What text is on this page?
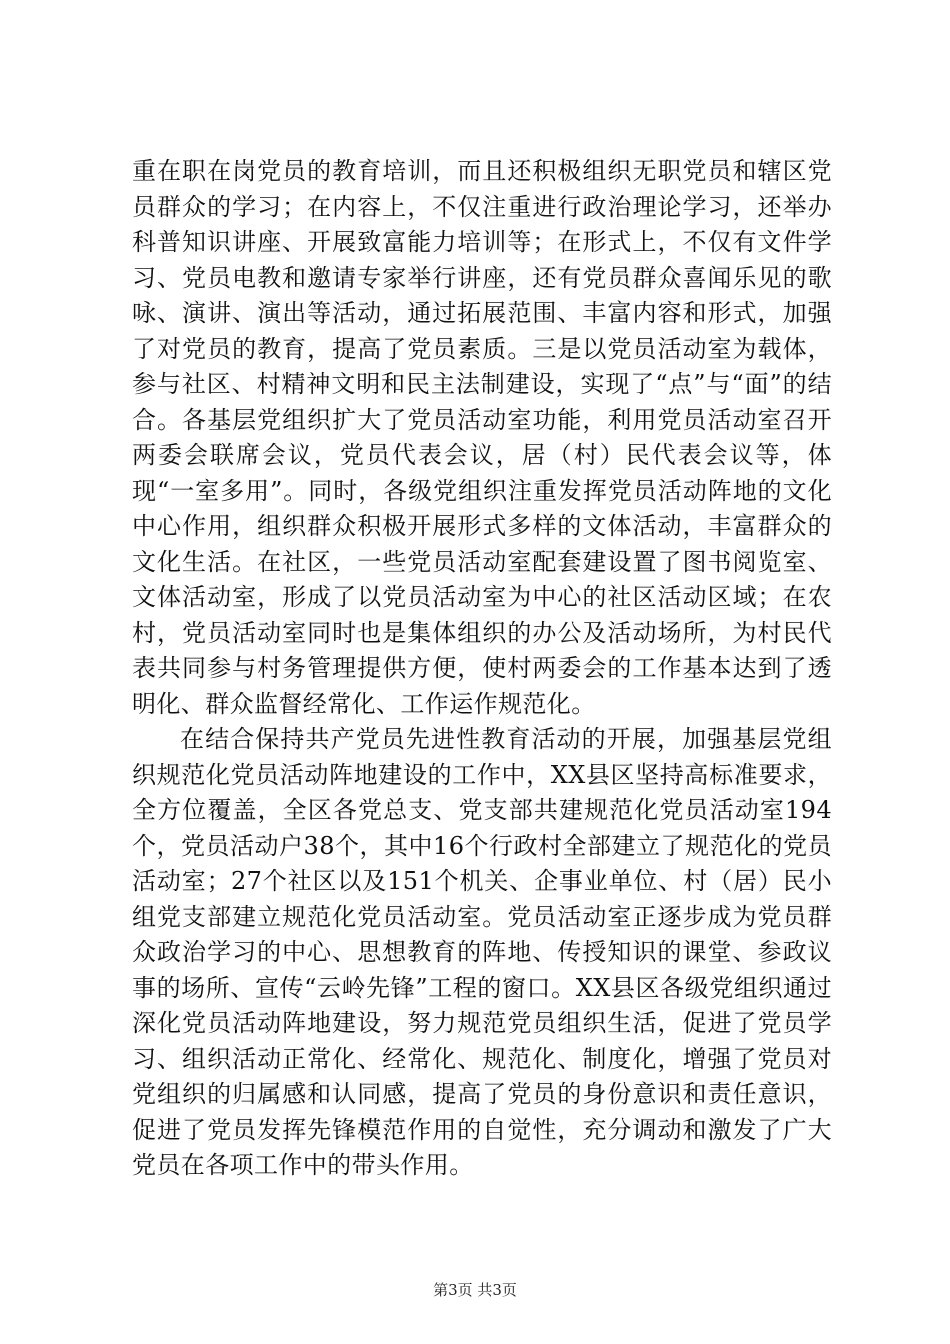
重在职在岗党员的教育培训，而且还积极组织无职党员和辖区党员群众的学习；在内容上，不仅注重进行政治理论学习，还举办科普知识讲座、开展致富能力培训等；在形式上，不仅有文件学习、党员电教和邀请专家举行讲座，还有党员群众喜闻乐见的歌咏、演讲、演出等活动，通过拓展范围、丰富内容和形式，加强了对党员的教育，提高了党员素质。三是以党员活动室为载体，参与社区、村精神文明和民主法制建设，实现了“点”与“面”的结合。各基层党组织扩大了党员活动室功能，利用党员活动室召开两委会联席会议，党员代表会议，居（村）民代表会议等，体现“一室多用”。同时，各级党组织注重发挥党员活动阵地的文化中心作用，组织群众积极开展形式多样的文体活动，丰富群众的文化生活。在社区，一些党员活动室配套建设置了图书阅览室、文体活动室，形成了以党员活动室为中心的社区活动区域；在农村，党员活动室同时也是集体组织的办公及活动场所，为村民代表共同参与村务管理提供方便，使村两委会的工作基本达到了透明化、群众监督经常化、工作运作规范化。

在结合保持共产党员先进性教育活动的开展，加强基层党组织规范化党员活动阵地建设的工作中，XX县区坚持高标准要求，全方位覆盖，全区各党总支、党支部共建规范化党员活动室194个，党员活动户38个，其中16个行政村全部建立了规范化的党员活动室；27个社区以及151个机关、企事业单位、村（居）民小组党支部建立规范化党员活动室。党员活动室正逐步成为党员群众政治学习的中心、思想教育的阵地、传授知识的课堂、参政议事的场所、宣传“云岭先锋”工程的窗口。XX县区各级党组织通过深化党员活动阵地建设，努力规范党员组织生活，促进了党员学习、组织活动正常化、经常化、规范化、制度化，增强了党员对党组织的归属感和认同感，提高了党员的身份意识和责任意识，促进了党员发挥先锋模范作用的自觉性，充分调动和激发了广大党员在各项工作中的带头作用。

第3页 共3页
